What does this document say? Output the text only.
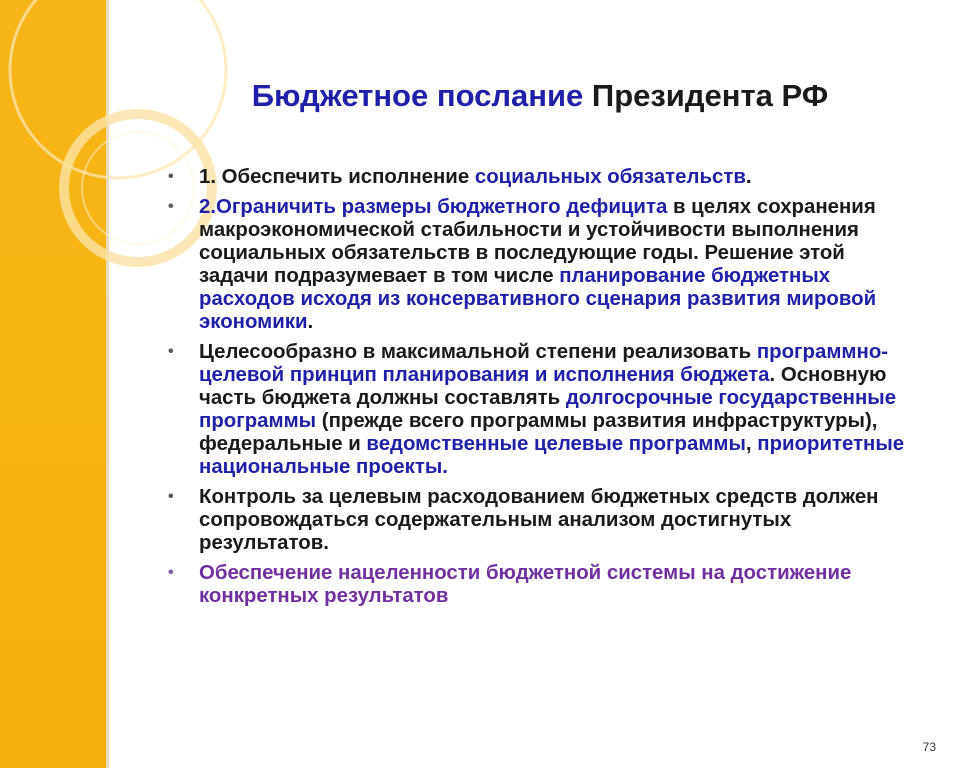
Бюджетное послание Президента РФ
•	1. Обеспечить исполнение социальных обязательств.
•	2.Ограничить размеры бюджетного дефицита в целях сохранения макроэкономической стабильности и устойчивости выполнения социальных обязательств в последующие годы. Решение этой задачи подразумевает в том числе планирование бюджетных расходов исходя из консервативного сценария развития мировой экономики.
•	Целесообразно в максимальной степени реализовать программно-целевой принцип планирования и исполнения бюджета. Основную часть бюджета должны составлять долгосрочные государственные программы (прежде всего программы развития инфраструктуры), федеральные и ведомственные целевые программы, приоритетные национальные проекты.
•	Контроль за целевым расходованием бюджетных средств должен сопровождаться содержательным анализом достигнутых результатов.
•	Обеспечение нацеленности бюджетной системы на достижение конкретных результатов
73
